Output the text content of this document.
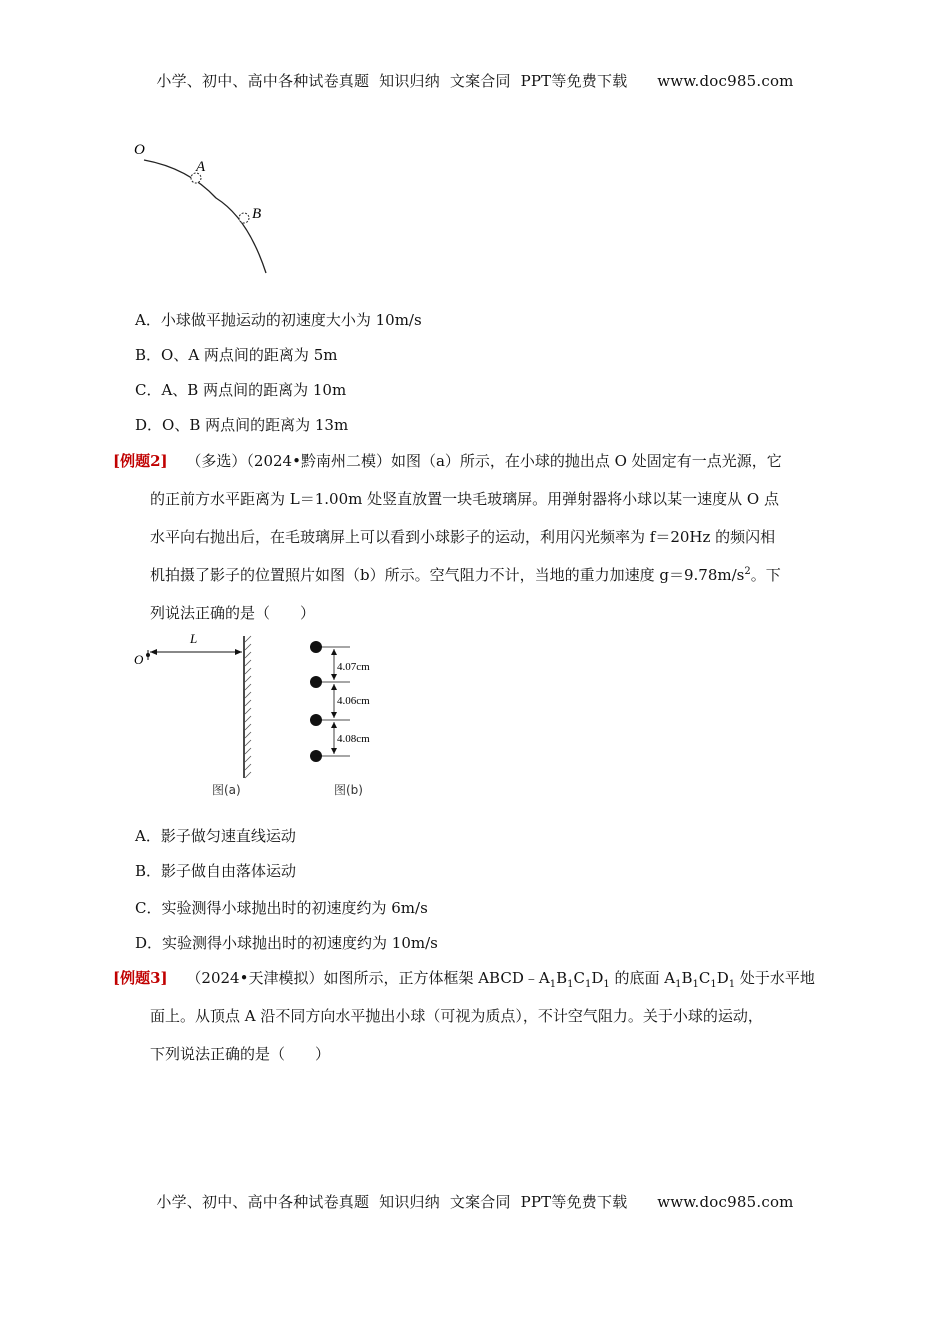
小学、初中、高中各种试卷真题  知识归纳  文案合同  PPT等免费下载      www.doc985.com
O
A
B
A．小球做平抛运动的初速度大小为 10m/s
B．O、A 两点间的距离为 5m
C．A、B 两点间的距离为 10m
D．O、B 两点间的距离为 13m
[例题2] （多选）（2024•黔南州二模）如图（a）所示，在小球的抛出点 O 处固定有一点光源，它
的正前方水平距离为 L＝1.00m 处竖直放置一块毛玻璃屏。用弹射器将小球以某一速度从 O 点
水平向右抛出后，在毛玻璃屏上可以看到小球影子的运动，利用闪光频率为 f＝20Hz 的频闪相
机拍摄了影子的位置照片如图（b）所示。空气阻力不计，当地的重力加速度 $g=9.78m/s^2$。下
列说法正确的是（　　）
O
L
图(a)
4.07cm
4.06cm
4.08cm
图(b)
A．影子做匀速直线运动
B．影子做自由落体运动
C．实验测得小球抛出时的初速度约为 6m/s
D．实验测得小球抛出时的初速度约为 10m/s
[例题3] （2024•天津模拟）如图所示，正方体框架 $ABCD﹣A_1B_1C_1D_1$ 的底面 $A_1B_1C_1D_1$ 处于水平地
面上。从顶点 A 沿不同方向水平抛出小球（可视为质点），不计空气阻力。关于小球的运动，
下列说法正确的是（　　）
小学、初中、高中各种试卷真题  知识归纳  文案合同  PPT等免费下载      www.doc985.com
